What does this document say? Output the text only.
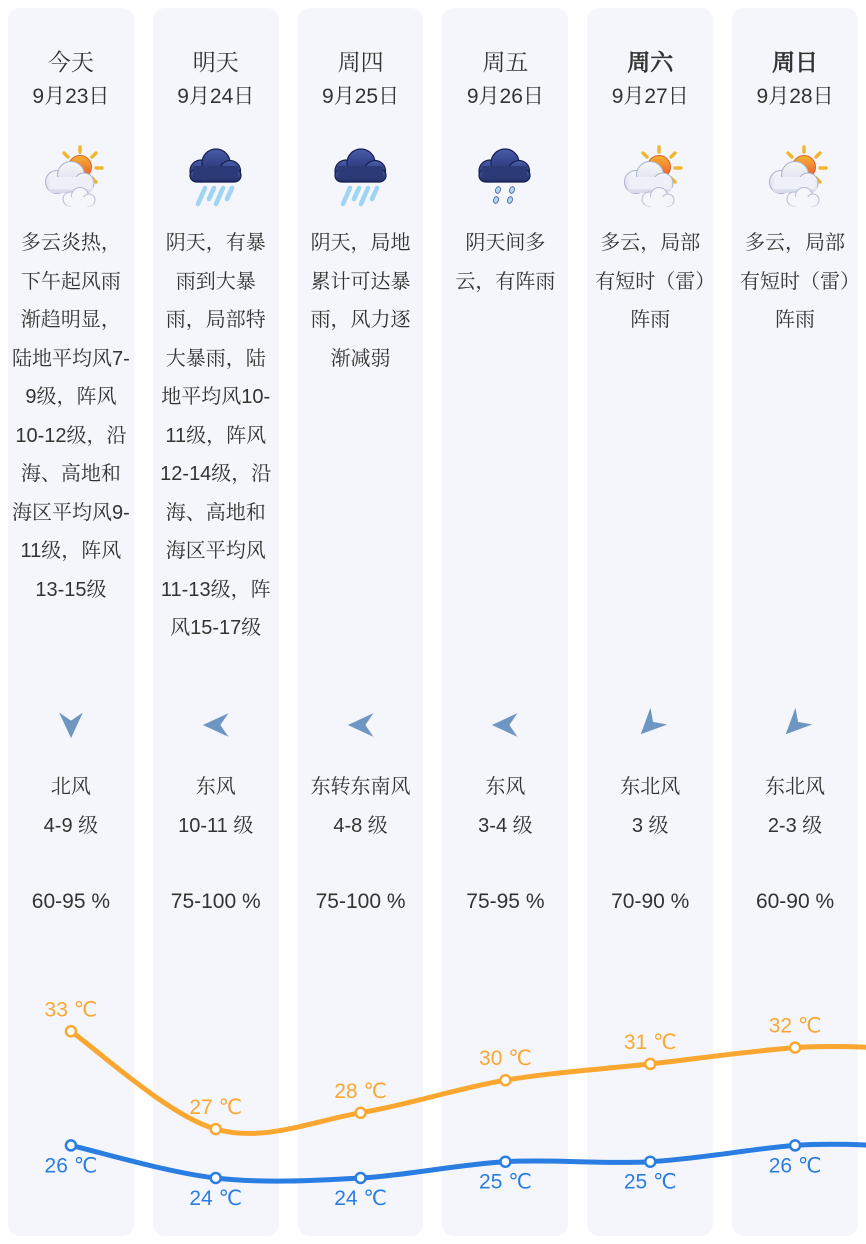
今天
9月23日
多云炎热，下午起风雨渐趋明显，陆地平均风7-9级，阵风10-12级，沿海、高地和海区平均风9-11级，阵风13-15级
北风
4-9 级
60-95 %
明天
9月24日
阴天，有暴雨到大暴雨，局部特大暴雨，陆地平均风10-11级，阵风12-14级，沿海、高地和海区平均风11-13级，阵风15-17级
东风
10-11 级
75-100 %
周四
9月25日
阴天，局地累计可达暴雨，风力逐渐减弱
东转东南风
4-8 级
75-100 %
周五
9月26日
阴天间多云，有阵雨
东风
3-4 级
75-95 %
周六
9月27日
多云，局部有短时（雷）阵雨
东北风
3 级
70-90 %
周日
9月28日
多云，局部有短时（雷）阵雨
东北风
2-3 级
60-90 %
33 ℃
27 ℃
28 ℃
30 ℃
31 ℃
32 ℃
26 ℃
24 ℃	24 ℃
25 ℃	25 ℃
26 ℃
